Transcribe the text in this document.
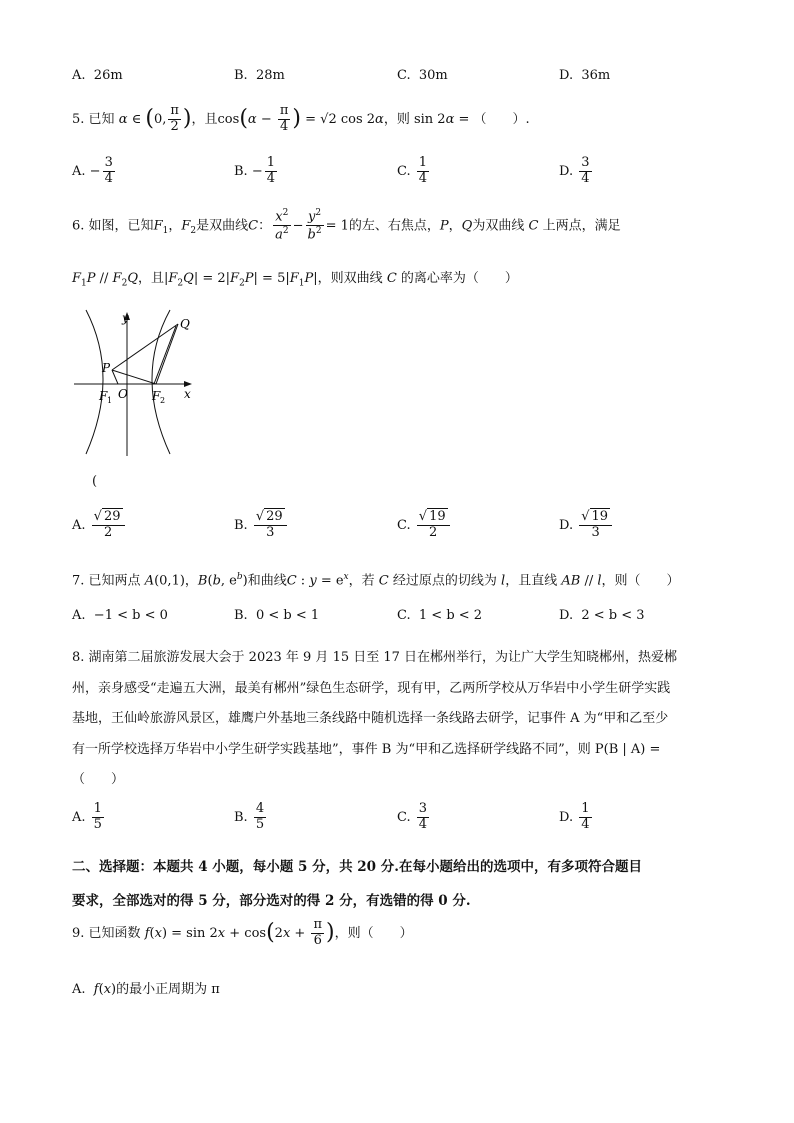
A. 26m	B. 28m	C. 30m	D. 36m
5. 已知 α ∈ (0, $\frac{\pi}{2}$ )，且$\cos(\alpha - \frac{\pi}{4}$ ) = √2 cos 2α，则 sin 2α = （　　）.
A. − $\frac{3}{4}$	B. − $\frac{1}{4}$	C. $\frac{1}{4}$	D. $\frac{3}{4}$
6. 如图，已知$F_1$，$F_2$是双曲线C： $\frac{x^2}{a^2} - \frac{y^2}{b^2} = 1$的左、右焦点，P，Q为双曲线 C 上两点，满足
$F_1P // F_2Q$，且$|F_2Q| = 2|F_2P| = 5|F_1P|$，则双曲线 C 的离心率为（　　）
y
x
Q
P
O
F 1	F 2
(
A. $\frac{√ 29}{2}$	B. $\frac{√ 29}{3}$	C. $\frac{√ 19}{2}$	D. $\frac{√ 19}{3}$
7. 已知两点 A(0,1)，B(b, $e^b$)和曲线C : $y = e^x$，若 C 经过原点的切线为 l，且直线 AB // l，则（　　）
A. −1 < b < 0	B. 0 < b < 1	C. 1 < b < 2	D. 2 < b < 3
8. 湖南第二届旅游发展大会于 2023 年 9 月 15 日至 17 日在郴州举行，为让广大学生知晓郴州，热爱郴
州，亲身感受“走遍五大洲，最美有郴州”绿色生态研学，现有甲，乙两所学校从万华岩中小学生研学实践
基地，王仙岭旅游风景区，雄鹰户外基地三条线路中随机选择一条线路去研学，记事件 A 为“甲和乙至少
有一所学校选择万华岩中小学生研学实践基地”，事件 B 为“甲和乙选择研学线路不同”，则 P(B | A) =
（　　）
A. $\frac{1}{5}$	B. $\frac{4}{5}$	C. $\frac{3}{4}$	D. $\frac{1}{4}$
二、选择题：本题共 4 小题，每小题 5 分，共 20 分.在每小题给出的选项中，有多项符合题目
要求，全部选对的得 5 分，部分选对的得 2 分，有选错的得 0 分.
9. 已知函数 $f(x) = \sin 2x + \cos(2x + \frac{\pi}{6}$ )，则（　　）
A. f(x)的最小正周期为 π
